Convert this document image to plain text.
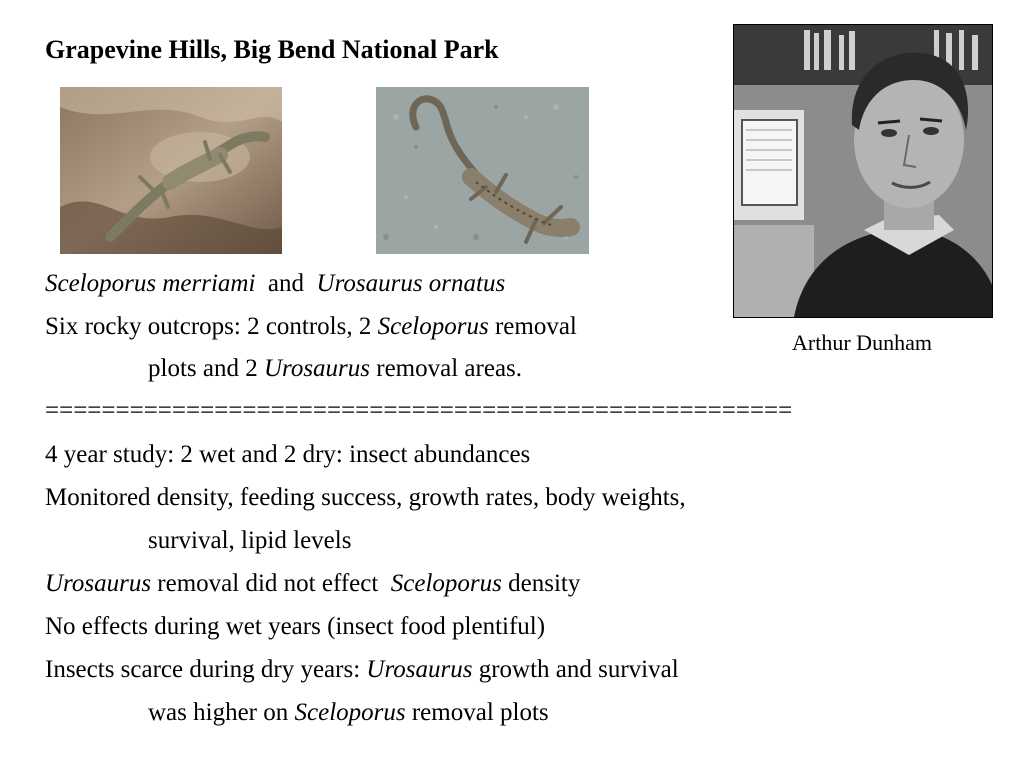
Grapevine Hills, Big Bend National Park
Arthur Dunham
Sceloporus merriami and Urosaurus ornatus
Six rocky outcrops: 2 controls, 2 Sceloporus removal
plots and 2 Urosaurus removal areas.
=====================================================
4 year study: 2 wet and 2 dry: insect abundances
Monitored density, feeding success, growth rates, body weights,
survival, lipid levels
Urosaurus removal did not effect Sceloporus density
No effects during wet years (insect food plentiful)
Insects scarce during dry years: Urosaurus growth and survival
was higher on Sceloporus removal plots
